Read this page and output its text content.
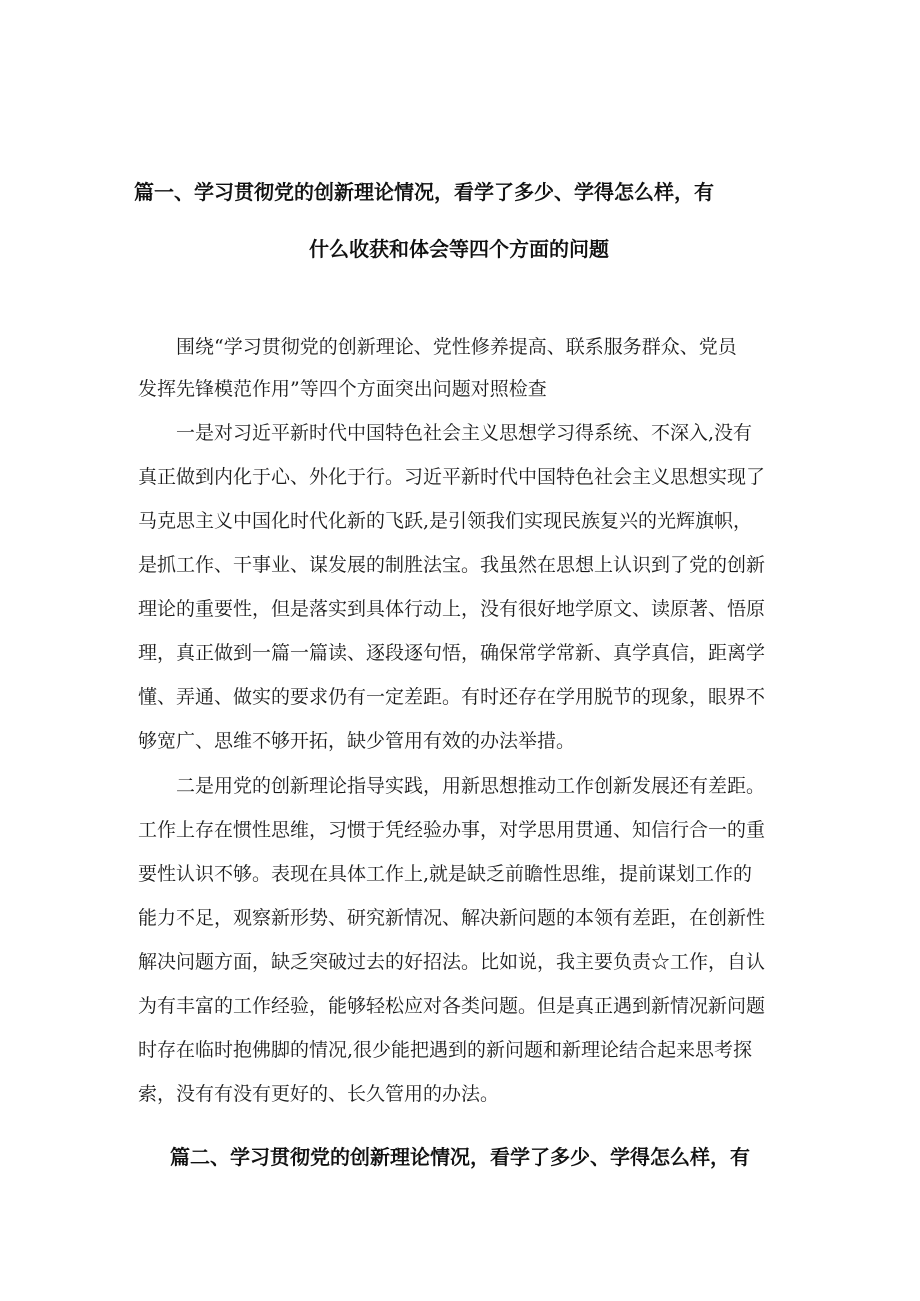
篇一、学习贯彻党的创新理论情况，看学了多少、学得怎么样，有
什么收获和体会等四个方面的问题
围绕“学习贯彻党的创新理论、党性修养提高、联系服务群众、党员
发挥先锋模范作用”等四个方面突出问题对照检查
一是对习近平新时代中国特色社会主义思想学习得系统、不深入,没有
真正做到内化于心、外化于行。习近平新时代中国特色社会主义思想实现了
马克思主义中国化时代化新的飞跃,是引领我们实现民族复兴的光辉旗帜，
是抓工作、干事业、谋发展的制胜法宝。我虽然在思想上认识到了党的创新
理论的重要性，但是落实到具体行动上，没有很好地学原文、读原著、悟原
理，真正做到一篇一篇读、逐段逐句悟，确保常学常新、真学真信，距离学
懂、弄通、做实的要求仍有一定差距。有时还存在学用脱节的现象，眼界不
够宽广、思维不够开拓，缺少管用有效的办法举措。
二是用党的创新理论指导实践，用新思想推动工作创新发展还有差距。
工作上存在惯性思维，习惯于凭经验办事，对学思用贯通、知信行合一的重
要性认识不够。表现在具体工作上,就是缺乏前瞻性思维，提前谋划工作的
能力不足，观察新形势、研究新情况、解决新问题的本领有差距，在创新性
解决问题方面，缺乏突破过去的好招法。比如说，我主要负责☆工作，自认
为有丰富的工作经验，能够轻松应对各类问题。但是真正遇到新情况新问题
时存在临时抱佛脚的情况,很少能把遇到的新问题和新理论结合起来思考探
索，没有有没有更好的、长久管用的办法。
篇二、学习贯彻党的创新理论情况，看学了多少、学得怎么样，有
